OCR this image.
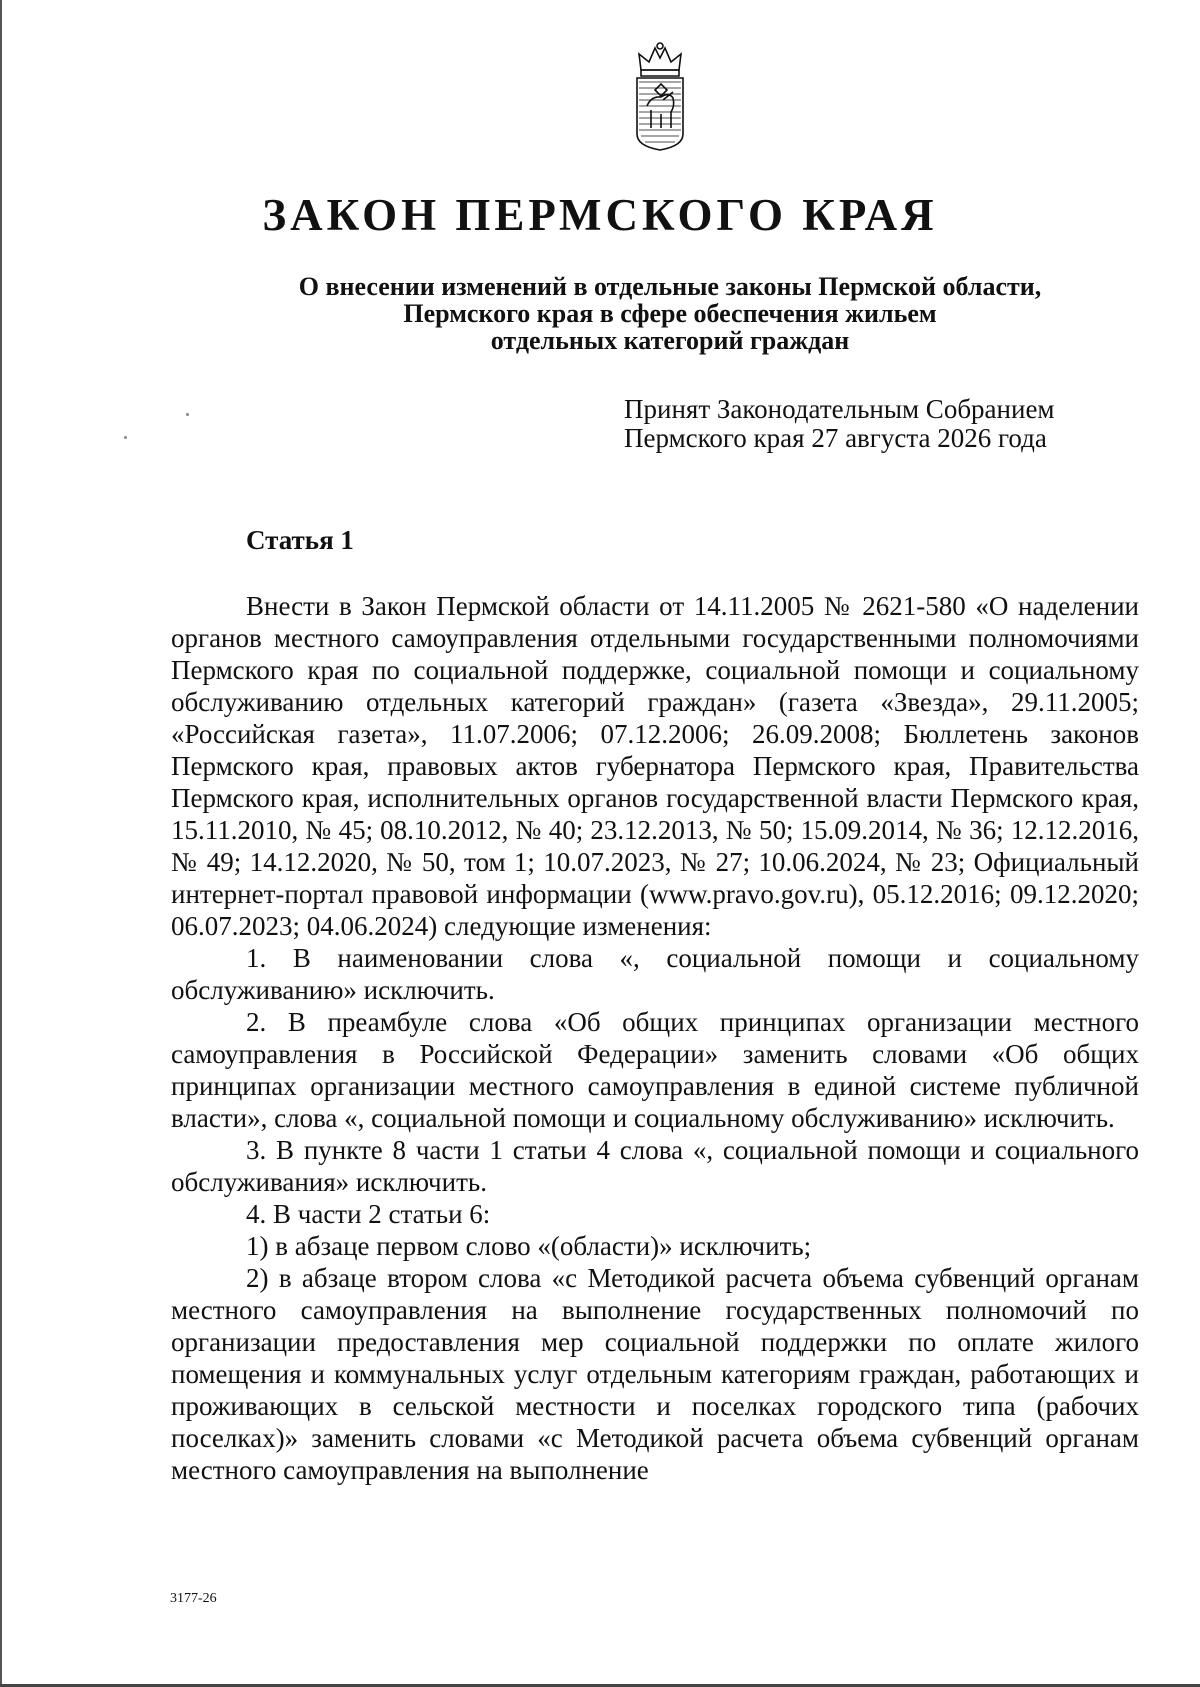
ЗАКОН ПЕРМСКОГО КРАЯ
О внесении изменений в отдельные законы Пермской области,
Пермского края в сфере обеспечения жильем
отдельных категорий граждан
Принят Законодательным Собранием
Пермского края 27 августа 2026 года
Статья 1

Внести в Закон Пермской области от 14.11.2005 № 2621-580 «О наделении органов местного самоуправления отдельными государственными полномочиями Пермского края по социальной поддержке, социальной помощи и социальному обслуживанию отдельных категорий граждан» (газета «Звезда», 29.11.2005; «Российская газета», 11.07.2006; 07.12.2006; 26.09.2008; Бюллетень законов Пермского края, правовых актов губернатора Пермского края, Правительства Пермского края, исполнительных органов государственной власти Пермского края, 15.11.2010, № 45; 08.10.2012, № 40; 23.12.2013, № 50; 15.09.2014, № 36; 12.12.2016, № 49; 14.12.2020, № 50, том 1; 10.07.2023, № 27; 10.06.2024, № 23; Официальный интернет-портал правовой информации (www.pravo.gov.ru), 05.12.2016; 09.12.2020; 06.07.2023; 04.06.2024) следующие изменения:

1. В наименовании слова «, социальной помощи и социальному обслуживанию» исключить.

2. В преамбуле слова «Об общих принципах организации местного самоуправления в Российской Федерации» заменить словами «Об общих принципах организации местного самоуправления в единой системе публичной власти», слова «, социальной помощи и социальному обслуживанию» исключить.

3. В пункте 8 части 1 статьи 4 слова «, социальной помощи и социального обслуживания» исключить.

4. В части 2 статьи 6:

1) в абзаце первом слово «(области)» исключить;

2) в абзаце втором слова «с Методикой расчета объема субвенций органам местного самоуправления на выполнение государственных полномочий по организации предоставления мер социальной поддержки по оплате жилого помещения и коммунальных услуг отдельным категориям граждан, работающих и проживающих в сельской местности и поселках городского типа (рабочих поселках)» заменить словами «с Методикой расчета объема субвенций органам местного самоуправления на выполнение

3177-26
